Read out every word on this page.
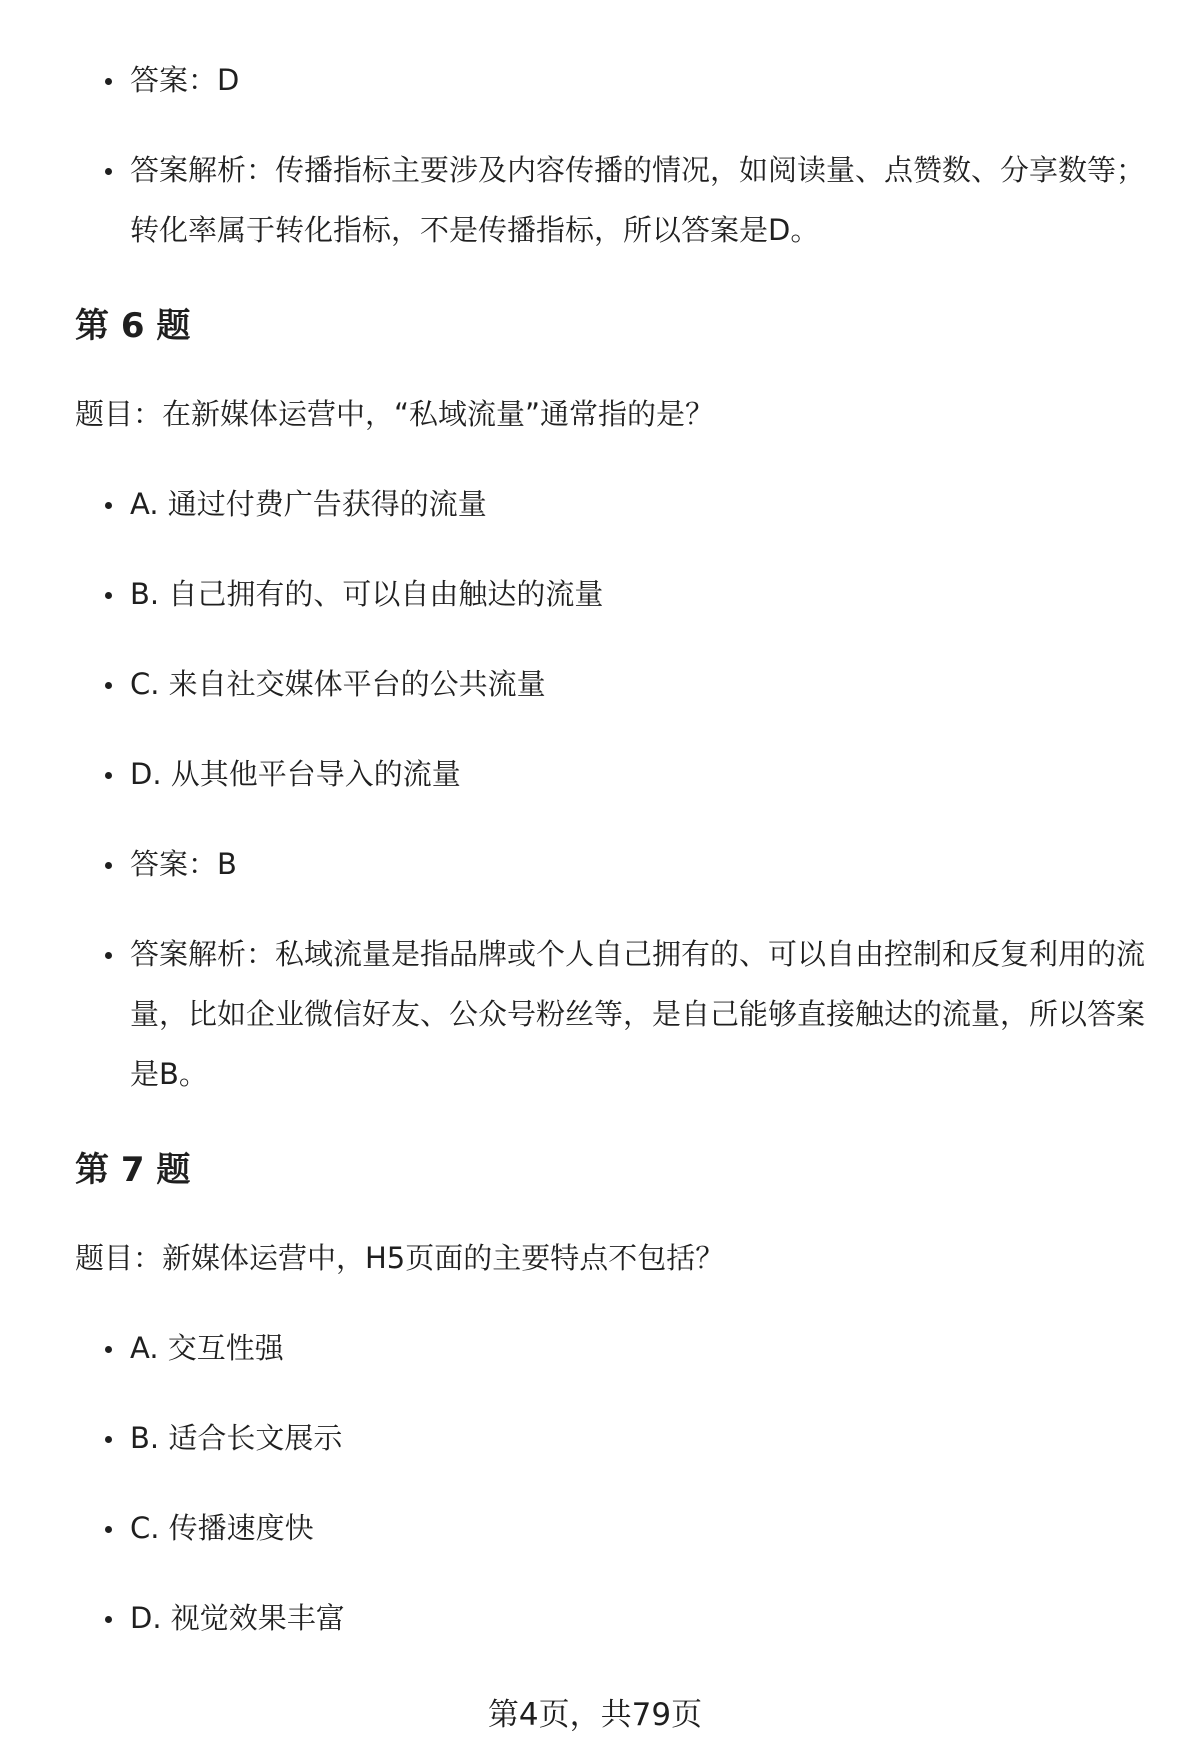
答案：D
答案解析：传播指标主要涉及内容传播的情况，如阅读量、点赞数、分享数等；转化率属于转化指标，不是传播指标，所以答案是D。
第 6 题

题目：在新媒体运营中，“私域流量”通常指的是？

A. 通过付费广告获得的流量
B. 自己拥有的、可以自由触达的流量
C. 来自社交媒体平台的公共流量
D. 从其他平台导入的流量
答案：B
答案解析：私域流量是指品牌或个人自己拥有的、可以自由控制和反复利用的流量，比如企业微信好友、公众号粉丝等，是自己能够直接触达的流量，所以答案是B。
第 7 题

题目：新媒体运营中，H5页面的主要特点不包括？

A. 交互性强
B. 适合长文展示
C. 传播速度快
D. 视觉效果丰富
第4页，共79页
